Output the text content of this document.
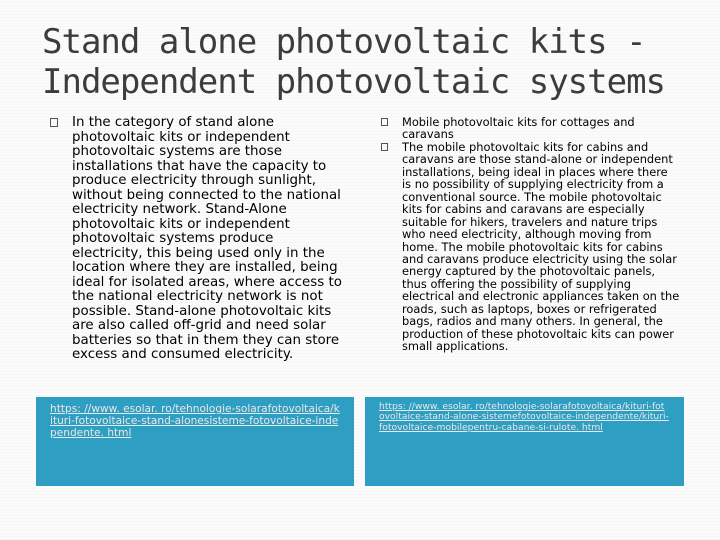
Stand alone photovoltaic kits -
Independent photovoltaic systems
In the category of stand alone photovoltaic kits or independent photovoltaic systems are those installations that have the capacity to produce electricity through sunlight, without being connected to the national electricity network. Stand-Alone photovoltaic kits or independent photovoltaic systems produce electricity, this being used only in the location where they are installed, being ideal for isolated areas, where access to the national electricity network is not possible. Stand-alone photovoltaic kits are also called off-grid and need solar batteries so that in them they can store excess and consumed electricity.
Mobile photovoltaic kits for cottages and caravans
The mobile photovoltaic kits for cabins and caravans are those stand-alone or independent installations, being ideal in places where there is no possibility of supplying electricity from a conventional source. The mobile photovoltaic kits for cabins and caravans are especially suitable for hikers, travelers and nature trips who need electricity, although moving from home. The mobile photovoltaic kits for cabins and caravans produce electricity using the solar energy captured by the photovoltaic panels, thus offering the possibility of supplying electrical and electronic appliances taken on the roads, such as laptops, boxes or refrigerated bags, radios and many others. In general, the production of these photovoltaic kits can power small applications.
https: //www. esolar. ro/tehnologie-solarafotovoltaica/kituri-fotovoltaice-stand-alonesisteme-fotovoltaice-independente. html
https: //www. esolar. ro/tehnologie-solarafotovoltaica/kituri-fotovoltaice-stand-alone-sistemefotovoltaice-independente/kituri-fotovoltaice-mobilepentru-cabane-si-rulote. html
